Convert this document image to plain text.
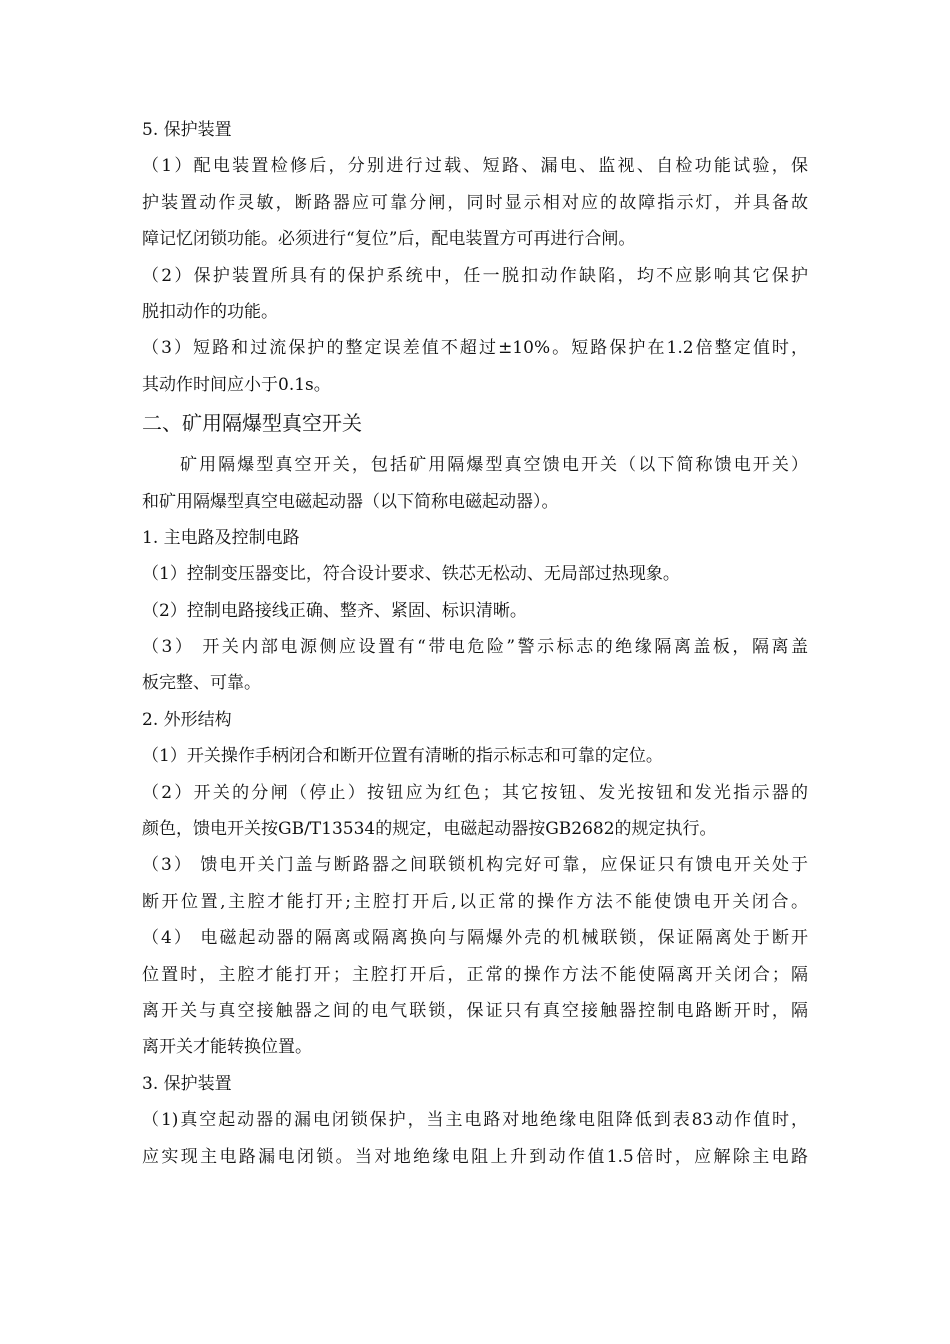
5. 保护装置
（1）配电装置检修后，分别进行过载、短路、漏电、监视、自检功能试验，保
护装置动作灵敏，断路器应可靠分闸，同时显示相对应的故障指示灯，并具备故
障记忆闭锁功能。必须进行“复位”后，配电装置方可再进行合闸。
（2）保护装置所具有的保护系统中，任一脱扣动作缺陷，均不应影响其它保护
脱扣动作的功能。
（3）短路和过流保护的整定误差值不超过±10%。短路保护在1.2倍整定值时，
其动作时间应小于0.1s。
二、矿用隔爆型真空开关
矿用隔爆型真空开关，包括矿用隔爆型真空馈电开关（以下简称馈电开关）
和矿用隔爆型真空电磁起动器（以下简称电磁起动器）。
1. 主电路及控制电路
（1）控制变压器变比，符合设计要求、铁芯无松动、无局部过热现象。
（2）控制电路接线正确、整齐、紧固、标识清晰。
（3） 开关内部电源侧应设置有“带电危险”警示标志的绝缘隔离盖板，隔离盖
板完整、可靠。
2. 外形结构
（1）开关操作手柄闭合和断开位置有清晰的指示标志和可靠的定位。
（2）开关的分闸（停止）按钮应为红色；其它按钮、发光按钮和发光指示器的
颜色，馈电开关按GB/T13534的规定，电磁起动器按GB2682的规定执行。
（3） 馈电开关门盖与断路器之间联锁机构完好可靠，应保证只有馈电开关处于
断开位置,主腔才能打开;主腔打开后,以正常的操作方法不能使馈电开关闭合。
（4） 电磁起动器的隔离或隔离换向与隔爆外壳的机械联锁，保证隔离处于断开
位置时，主腔才能打开；主腔打开后，正常的操作方法不能使隔离开关闭合；隔
离开关与真空接触器之间的电气联锁，保证只有真空接触器控制电路断开时，隔
离开关才能转换位置。
3. 保护装置
（1)真空起动器的漏电闭锁保护，当主电路对地绝缘电阻降低到表83动作值时，
应实现主电路漏电闭锁。当对地绝缘电阻上升到动作值1.5倍时，应解除主电路
